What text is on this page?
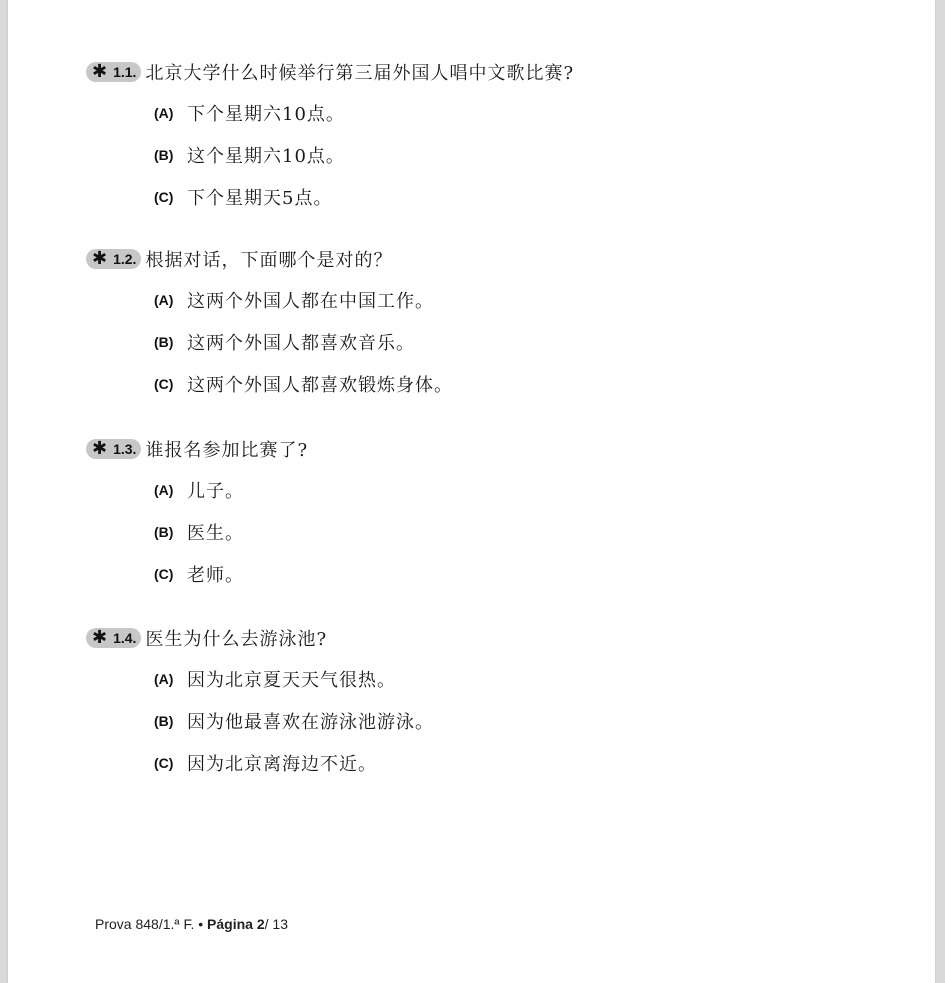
✱ 1.1. 北京大学什么时候举行第三届外国人唱中文歌比赛?
(A) 下个星期六10点。
(B) 这个星期六10点。
(C) 下个星期天5点。
✱ 1.2. 根据对话，下面哪个是对的？
(A) 这两个外国人都在中国工作。
(B) 这两个外国人都喜欢音乐。
(C) 这两个外国人都喜欢锻炼身体。
✱ 1.3. 谁报名参加比赛了?
(A) 儿子。
(B) 医生。
(C) 老师。
✱ 1.4. 医生为什么去游泳池?
(A) 因为北京夏天天气很热。
(B) 因为他最喜欢在游泳池游泳。
(C) 因为北京离海边不近。
Prova 848/1.ª F. • Página 2/ 13
